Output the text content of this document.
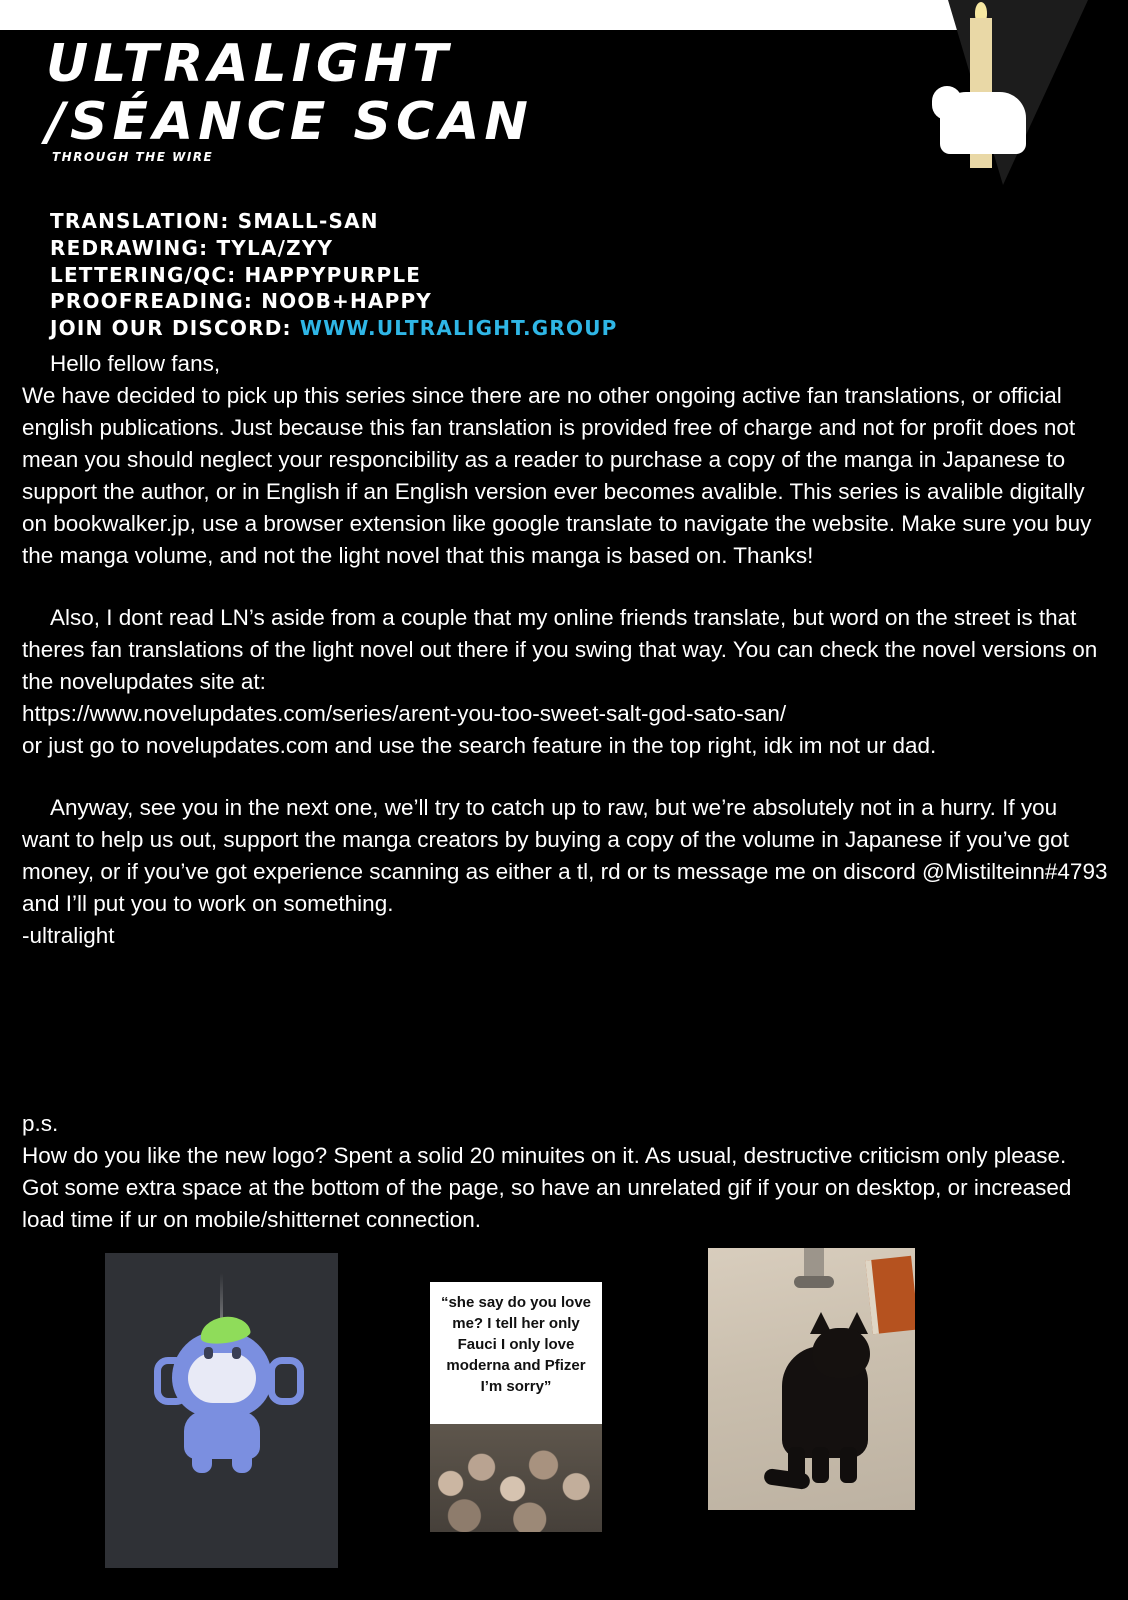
ULTRALIGHT
/SÉANCE SCAN
THROUGH THE WIRE
TRANSLATION: SMALL-SAN
REDRAWING: TYLA/ZYY
LETTERING/QC: HAPPYPURPLE
PROOFREADING: NOOB+HAPPY
JOIN OUR DISCORD: WWW.ULTRALIGHT.GROUP

Hello fellow fans,

We have decided to pick up this series since there are no other ongoing active fan translations, or official english publications. Just because this fan translation is provided free of charge and not for profit does not mean you should neglect your responcibility as a reader to purchase a copy of the manga in Japanese to support the author, or in English if an English version ever becomes avalible. This series is avalible digitally on bookwalker.jp, use a browser extension like google translate to navigate the website. Make sure you buy the manga volume, and not the light novel that this manga is based on. Thanks!

Also, I dont read LN’s aside from a couple that my online friends translate, but word on the street is that theres fan translations of the light novel out there if you swing that way. You can check the novel versions on the novelupdates site at:

https://www.novelupdates.com/series/arent-you-too-sweet-salt-god-sato-san/

or just go to novelupdates.com and use the search feature in the top right, idk im not ur dad.

Anyway, see you in the next one, we’ll try to catch up to raw, but we’re absolutely not in a hurry. If you want to help us out, support the manga creators by buying a copy of the volume in Japanese if you’ve got money, or if you’ve got experience scanning as either a tl, rd or ts message me on discord @Mistilteinn#4793 and I’ll put you to work on something.

-ultralight

p.s.
How do you like the new logo? Spent a solid 20 minuites on it. As usual, destructive criticism only please. Got some extra space at the bottom of the page, so have an unrelated gif if your on desktop, or increased load time if ur on mobile/shitternet connection.
“she say do you love
me? I tell her only
Fauci I only love
moderna and Pfizer
I’m sorry”
